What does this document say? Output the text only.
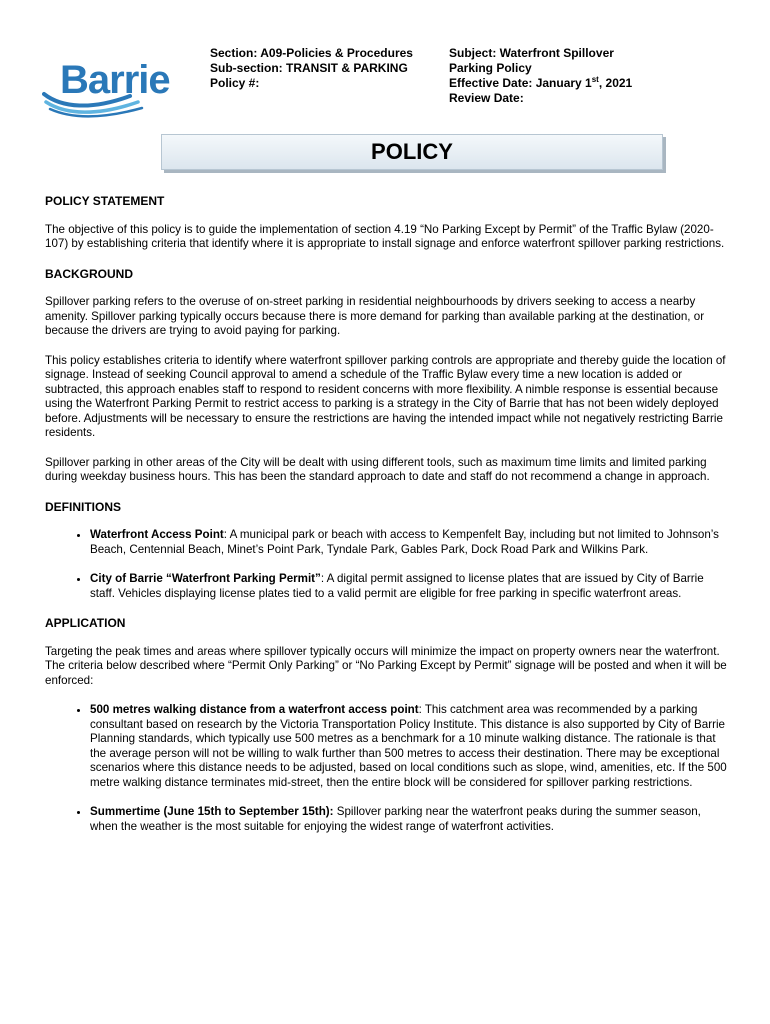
Barrie
Section: A09-Policies & Procedures
Sub-section: TRANSIT & PARKING
Policy #:
Subject: Waterfront Spillover
Parking Policy
Effective Date: January 1st, 2021
Review Date:
POLICY
POLICY STATEMENT

The objective of this policy is to guide the implementation of section 4.19 “No Parking Except by Permit” of the Traffic Bylaw (2020-107) by establishing criteria that identify where it is appropriate to install signage and enforce waterfront spillover parking restrictions.

BACKGROUND

Spillover parking refers to the overuse of on-street parking in residential neighbourhoods by drivers seeking to access a nearby amenity. Spillover parking typically occurs because there is more demand for parking than available parking at the destination, or because the drivers are trying to avoid paying for parking.

This policy establishes criteria to identify where waterfront spillover parking controls are appropriate and thereby guide the location of signage. Instead of seeking Council approval to amend a schedule of the Traffic Bylaw every time a new location is added or subtracted, this approach enables staff to respond to resident concerns with more flexibility. A nimble response is essential because using the Waterfront Parking Permit to restrict access to parking is a strategy in the City of Barrie that has not been widely deployed before. Adjustments will be necessary to ensure the restrictions are having the intended impact while not negatively restricting Barrie residents.

Spillover parking in other areas of the City will be dealt with using different tools, such as maximum time limits and limited parking during weekday business hours. This has been the standard approach to date and staff do not recommend a change in approach.

DEFINITIONS
• Waterfront Access Point: A municipal park or beach with access to Kempenfelt Bay, including but not limited to Johnson’s Beach, Centennial Beach, Minet’s Point Park, Tyndale Park, Gables Park, Dock Road Park and Wilkins Park.
• City of Barrie “Waterfront Parking Permit”: A digital permit assigned to license plates that are issued by City of Barrie staff. Vehicles displaying license plates tied to a valid permit are eligible for free parking in specific waterfront areas.
APPLICATION

Targeting the peak times and areas where spillover typically occurs will minimize the impact on property owners near the waterfront. The criteria below described where “Permit Only Parking” or “No Parking Except by Permit” signage will be posted and when it will be enforced:

• 500 metres walking distance from a waterfront access point: This catchment area was recommended by a parking consultant based on research by the Victoria Transportation Policy Institute. This distance is also supported by City of Barrie Planning standards, which typically use 500 metres as a benchmark for a 10 minute walking distance. The rationale is that the average person will not be willing to walk further than 500 metres to access their destination. There may be exceptional scenarios where this distance needs to be adjusted, based on local conditions such as slope, wind, amenities, etc. If the 500 metre walking distance terminates mid-street, then the entire block will be considered for spillover parking restrictions.
• Summertime (June 15th to September 15th): Spillover parking near the waterfront peaks during the summer season, when the weather is the most suitable for enjoying the widest range of waterfront activities.
